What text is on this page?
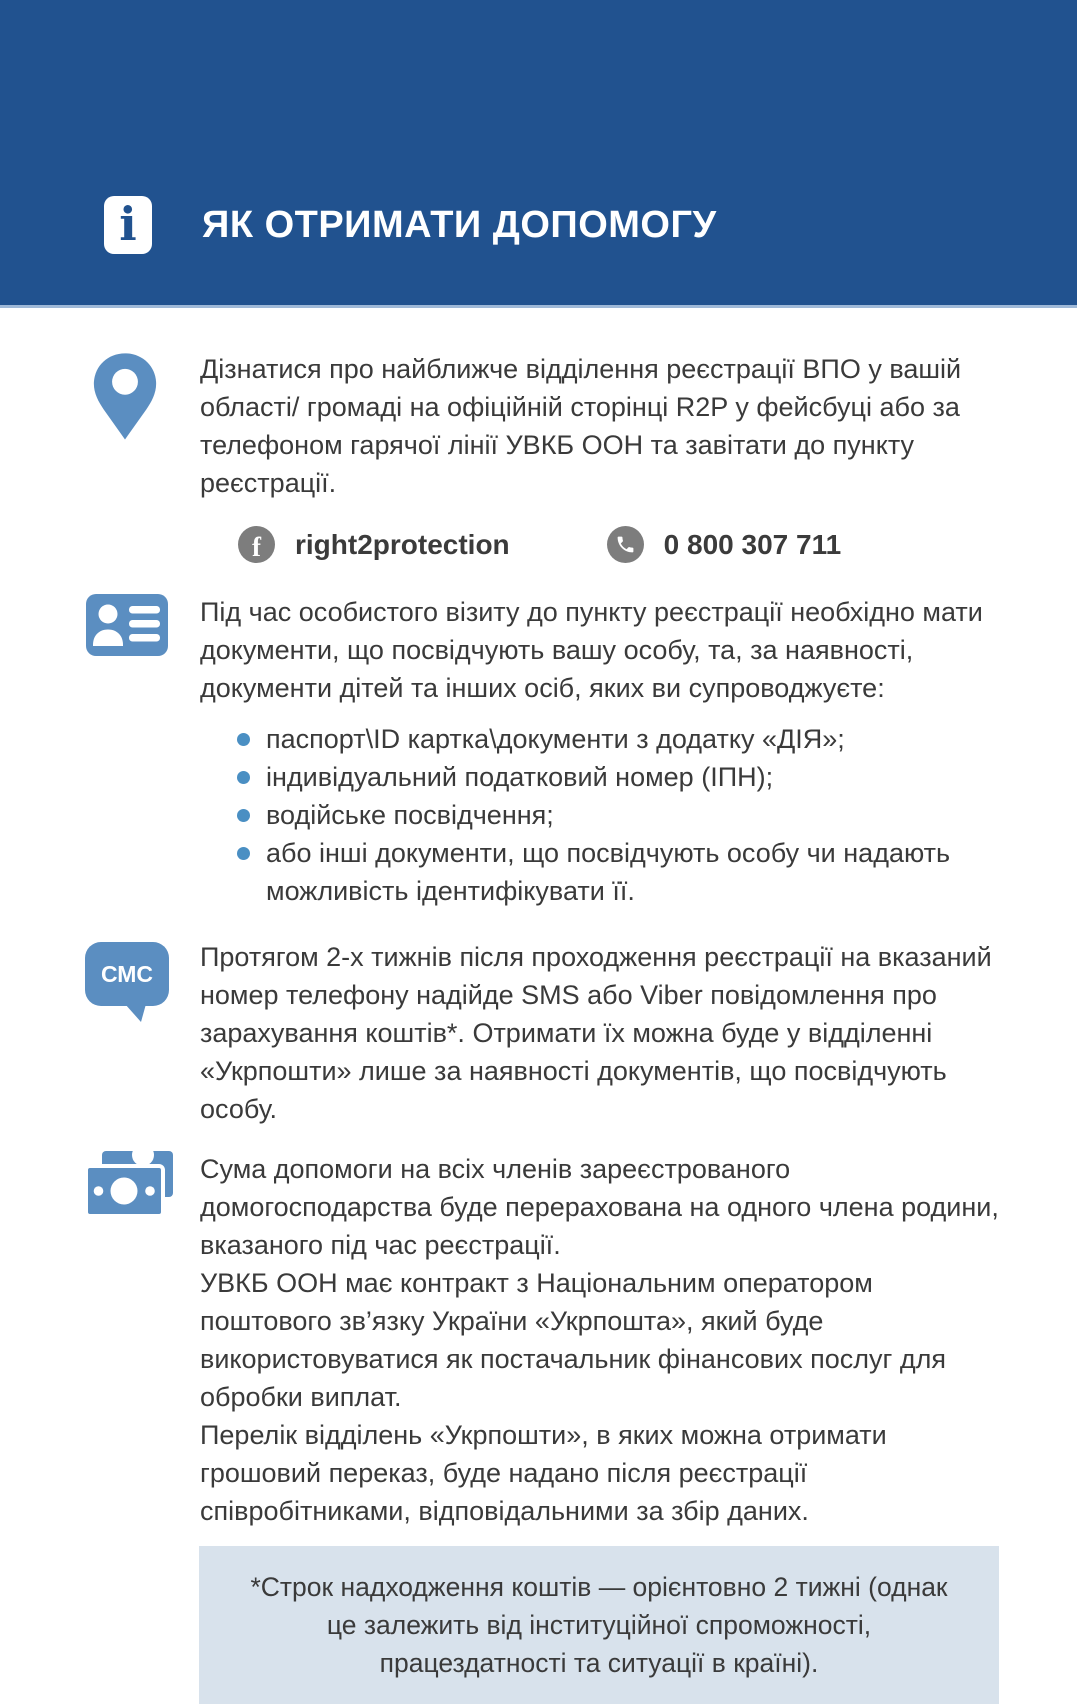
i ЯК ОТРИМАТИ ДОПОМОГУ

Дізнатися про найближче відділення реєстрації ВПО у вашій області/ громаді на офіційній сторінці R2P у фейсбуці або за телефоном гарячої лінії УВКБ ООН та завітати до пункту реєстрації.

f right2protection	0 800 307 711

Під час особистого візиту до пункту реєстрації необхідно мати документи, що посвідчують вашу особу, та, за наявності, документи дітей та інших осіб, яких ви супроводжуєте:

паспорт\ID картка\документи з додатку «ДІЯ»;
індивідуальний податковий номер (ІПН);
водійське посвідчення;
або інші документи, що посвідчують особу чи надають можливість ідентифікувати її.
СМС

Протягом 2-х тижнів після проходження реєстрації на вказаний номер телефону надійде SMS або Viber повідомлення про зарахування коштів*. Отримати їх можна буде у відділенні «Укрпошти» лише за наявності документів, що посвідчують особу.

Сума допомоги на всіх членів зареєстрованого домогосподарства буде перерахована на одного члена родини, вказаного під час реєстрації.

УВКБ ООН має контракт з Національним оператором поштового зв’язку України «Укрпошта», який буде використовуватися як постачальник фінансових послуг для обробки виплат.

Перелік відділень «Укрпошти», в яких можна отримати грошовий переказ, буде надано після реєстрації співробітниками, відповідальними за збір даних.

*Строк надходження коштів — орієнтовно 2 тижні (однак це залежить від інституційної спроможності, працездатності та ситуації в країні).
